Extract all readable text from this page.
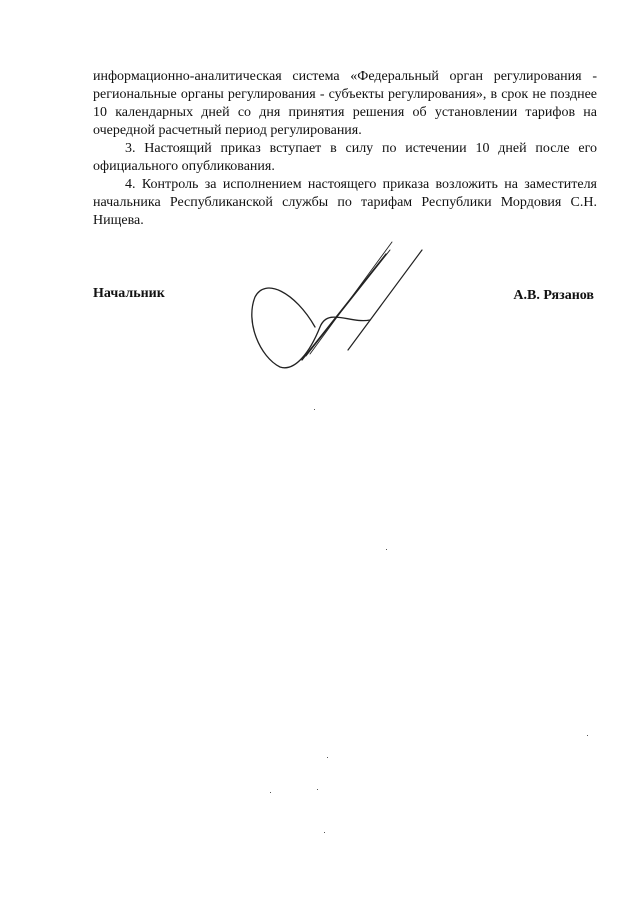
информационно-аналитическая система «Федеральный орган регулирования - региональные органы регулирования - субъекты регулирования», в срок не позднее 10 календарных дней со дня принятия решения об установлении тарифов на очередной расчетный период регулирования.

3. Настоящий приказ вступает в силу по истечении 10 дней после его официального опубликования.

4. Контроль за исполнением настоящего приказа возложить на заместителя начальника Республиканской службы по тарифам Республики Мордовия С.Н. Нищева.

Начальник	А.В. Рязанов
